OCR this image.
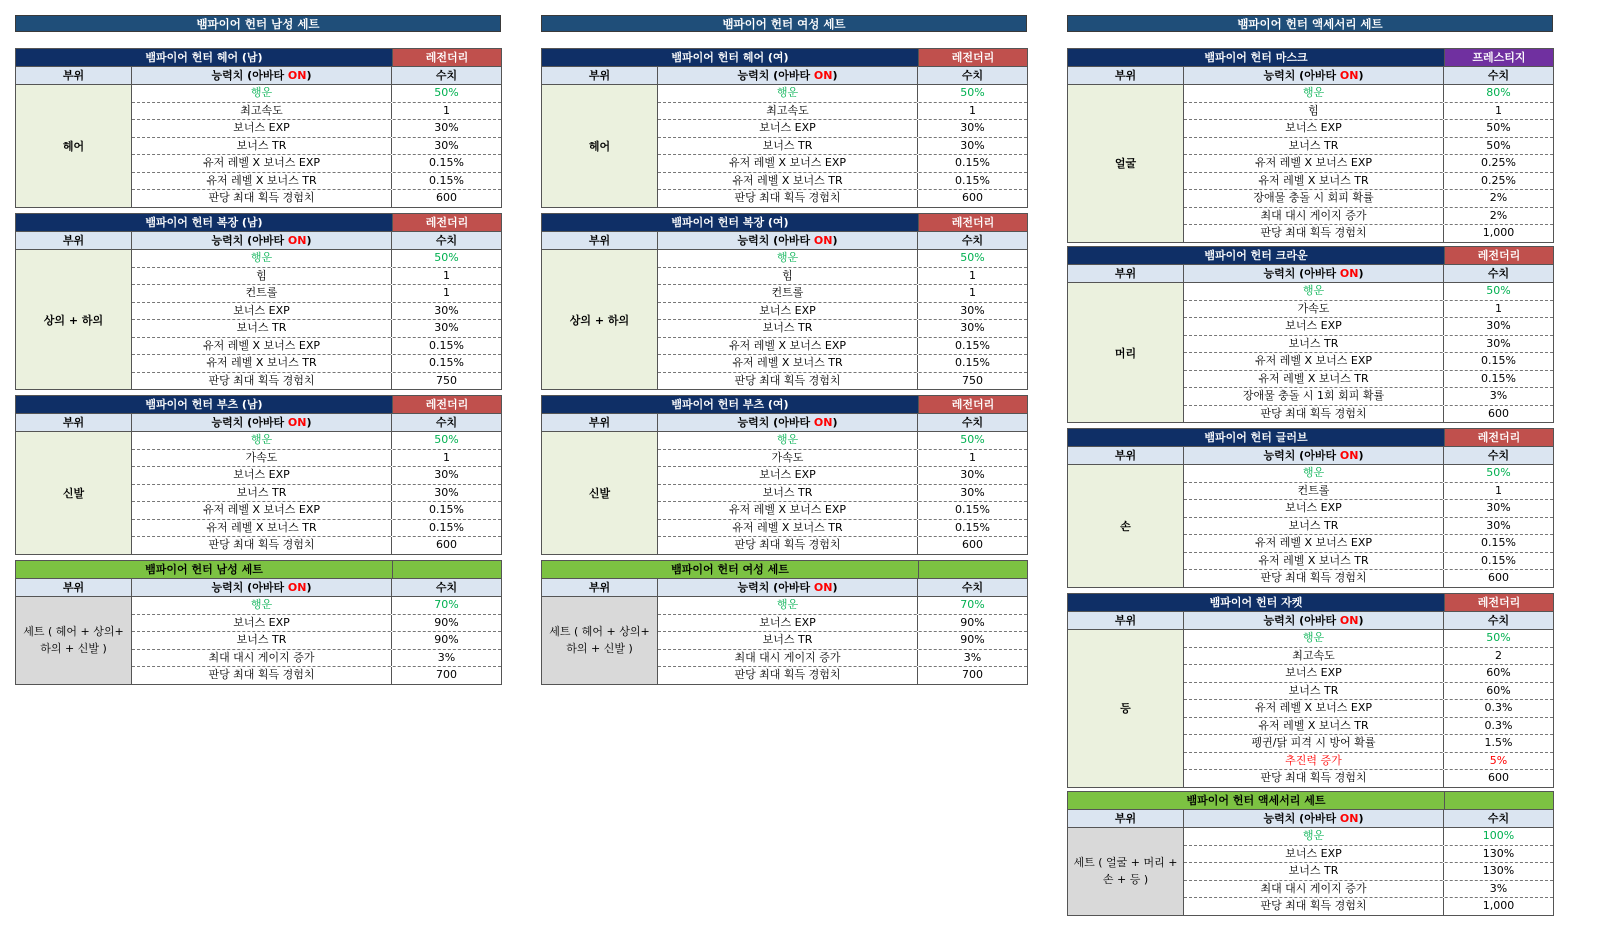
뱀파이어 헌터 남성 세트	뱀파이어 헌터 여성 세트	뱀파이어 헌터 액세서리 세트
뱀파이어 헌터 헤어 (남)	레전더리
부위	능력치 (아바타 ON)	수치
헤어
행운	50%
최고속도	1
보너스 EXP	30%
보너스 TR	30%
유저 레벨 X 보너스 EXP	0.15%
유저 레벨 X 보너스 TR	0.15%
판당 최대 획득 경험치	600
뱀파이어 헌터 복장 (남)	레전더리
부위	능력치 (아바타 ON)	수치
상의 + 하의
행운	50%
힘	1
컨트롤	1
보너스 EXP	30%
보너스 TR	30%
유저 레벨 X 보너스 EXP	0.15%
유저 레벨 X 보너스 TR	0.15%
판당 최대 획득 경험치	750
뱀파이어 헌터 부츠 (남)	레전더리
부위	능력치 (아바타 ON)	수치
신발
행운	50%
가속도	1
보너스 EXP	30%
보너스 TR	30%
유저 레벨 X 보너스 EXP	0.15%
유저 레벨 X 보너스 TR	0.15%
판당 최대 획득 경험치	600
뱀파이어 헌터 남성 세트
부위	능력치 (아바타 ON)	수치
세트 ( 헤어 + 상의+ 하의 + 신발 )
행운	70%
보너스 EXP	90%
보너스 TR	90%
최대 대시 게이지 증가	3%
판당 최대 획득 경험치	700
뱀파이어 헌터 헤어 (여)	레전더리
부위	능력치 (아바타 ON)	수치
헤어
행운	50%
최고속도	1
보너스 EXP	30%
보너스 TR	30%
유저 레벨 X 보너스 EXP	0.15%
유저 레벨 X 보너스 TR	0.15%
판당 최대 획득 경험치	600
뱀파이어 헌터 복장 (여)	레전더리
부위	능력치 (아바타 ON)	수치
상의 + 하의
행운	50%
힘	1
컨트롤	1
보너스 EXP	30%
보너스 TR	30%
유저 레벨 X 보너스 EXP	0.15%
유저 레벨 X 보너스 TR	0.15%
판당 최대 획득 경험치	750
뱀파이어 헌터 부츠 (여)	레전더리
부위	능력치 (아바타 ON)	수치
신발
행운	50%
가속도	1
보너스 EXP	30%
보너스 TR	30%
유저 레벨 X 보너스 EXP	0.15%
유저 레벨 X 보너스 TR	0.15%
판당 최대 획득 경험치	600
뱀파이어 헌터 여성 세트
부위	능력치 (아바타 ON)	수치
세트 ( 헤어 + 상의+ 하의 + 신발 )
행운	70%
보너스 EXP	90%
보너스 TR	90%
최대 대시 게이지 증가	3%
판당 최대 획득 경험치	700
뱀파이어 헌터 마스크	프레스티지
부위	능력치 (아바타 ON)	수치
얼굴
행운	80%
힘	1
보너스 EXP	50%
보너스 TR	50%
유저 레벨 X 보너스 EXP	0.25%
유저 레벨 X 보너스 TR	0.25%
장애물 충돌 시 회피 확률	2%
최대 대시 게이지 증가	2%
판당 최대 획득 경험치	1,000
뱀파이어 헌터 크라운	레전더리
부위	능력치 (아바타 ON)	수치
머리
행운	50%
가속도	1
보너스 EXP	30%
보너스 TR	30%
유저 레벨 X 보너스 EXP	0.15%
유저 레벨 X 보너스 TR	0.15%
장애물 충돌 시 1회 회피 확률	3%
판당 최대 획득 경험치	600
뱀파이어 헌터 글러브	레전더리
부위	능력치 (아바타 ON)	수치
손
행운	50%
컨트롤	1
보너스 EXP	30%
보너스 TR	30%
유저 레벨 X 보너스 EXP	0.15%
유저 레벨 X 보너스 TR	0.15%
판당 최대 획득 경험치	600
뱀파이어 헌터 자켓	레전더리
부위	능력치 (아바타 ON)	수치
등
행운	50%
최고속도	2
보너스 EXP	60%
보너스 TR	60%
유저 레벨 X 보너스 EXP	0.3%
유저 레벨 X 보너스 TR	0.3%
펭귄/닭 피격 시 방어 확률	1.5%
추진력 증가	5%
판당 최대 획득 경험치	600
뱀파이어 헌터 액세서리 세트
부위	능력치 (아바타 ON)	수치
세트 ( 얼굴 + 머리 + 손 + 등 )
행운	100%
보너스 EXP	130%
보너스 TR	130%
최대 대시 게이지 증가	3%
판당 최대 획득 경험치	1,000
